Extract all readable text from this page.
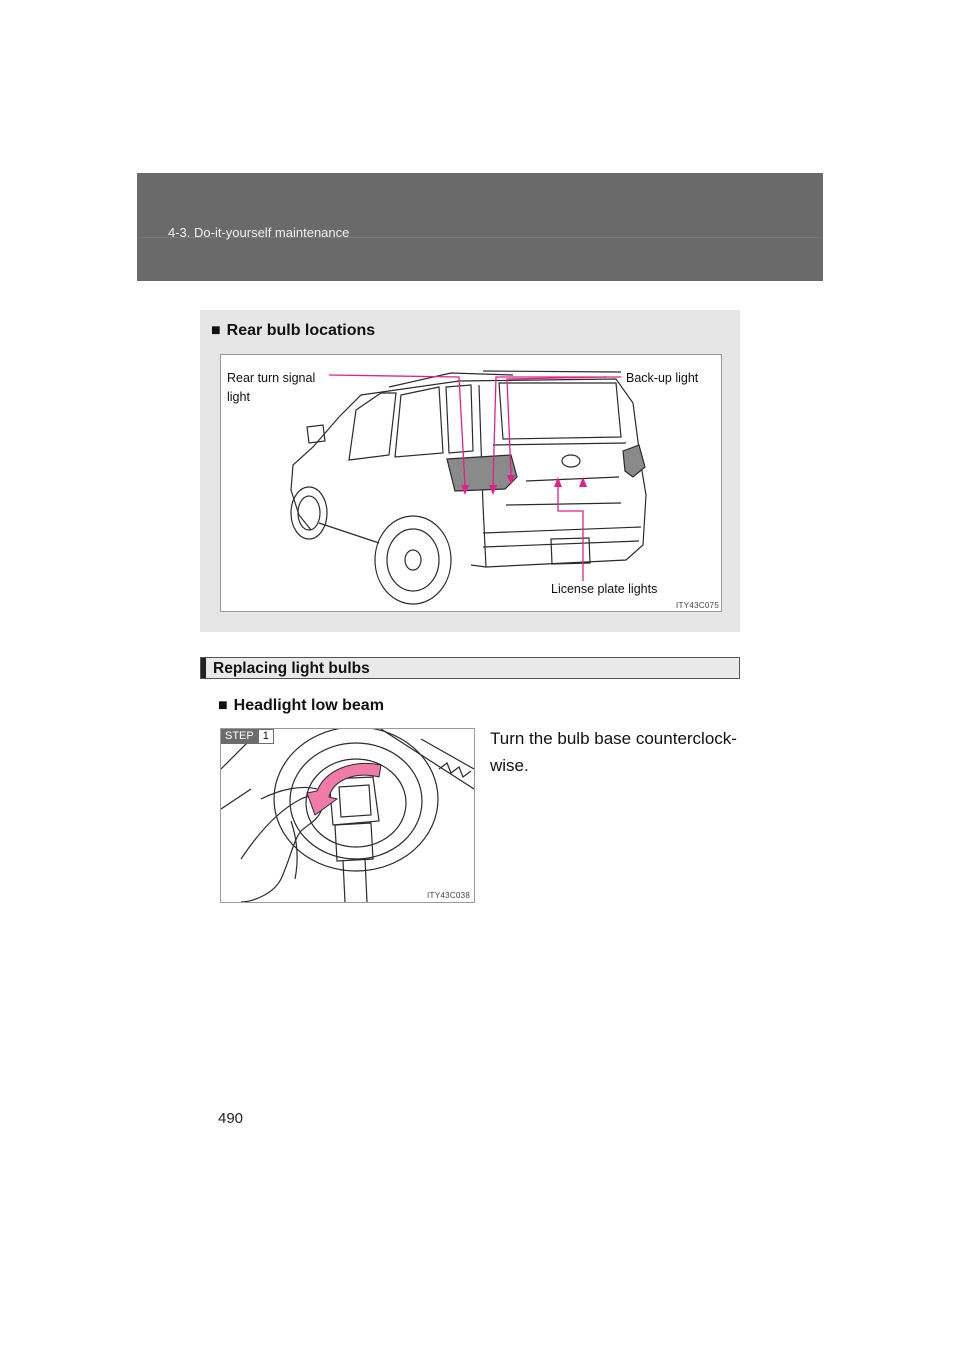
4-3. Do-it-yourself maintenance
■ Rear bulb locations
Rear turn signal
light
Back-up light
License plate lights
ITY43C075
Replacing light bulbs
■ Headlight low beam
STEP 1
ITY43C038
Turn the bulb base counterclock-wise.
490
